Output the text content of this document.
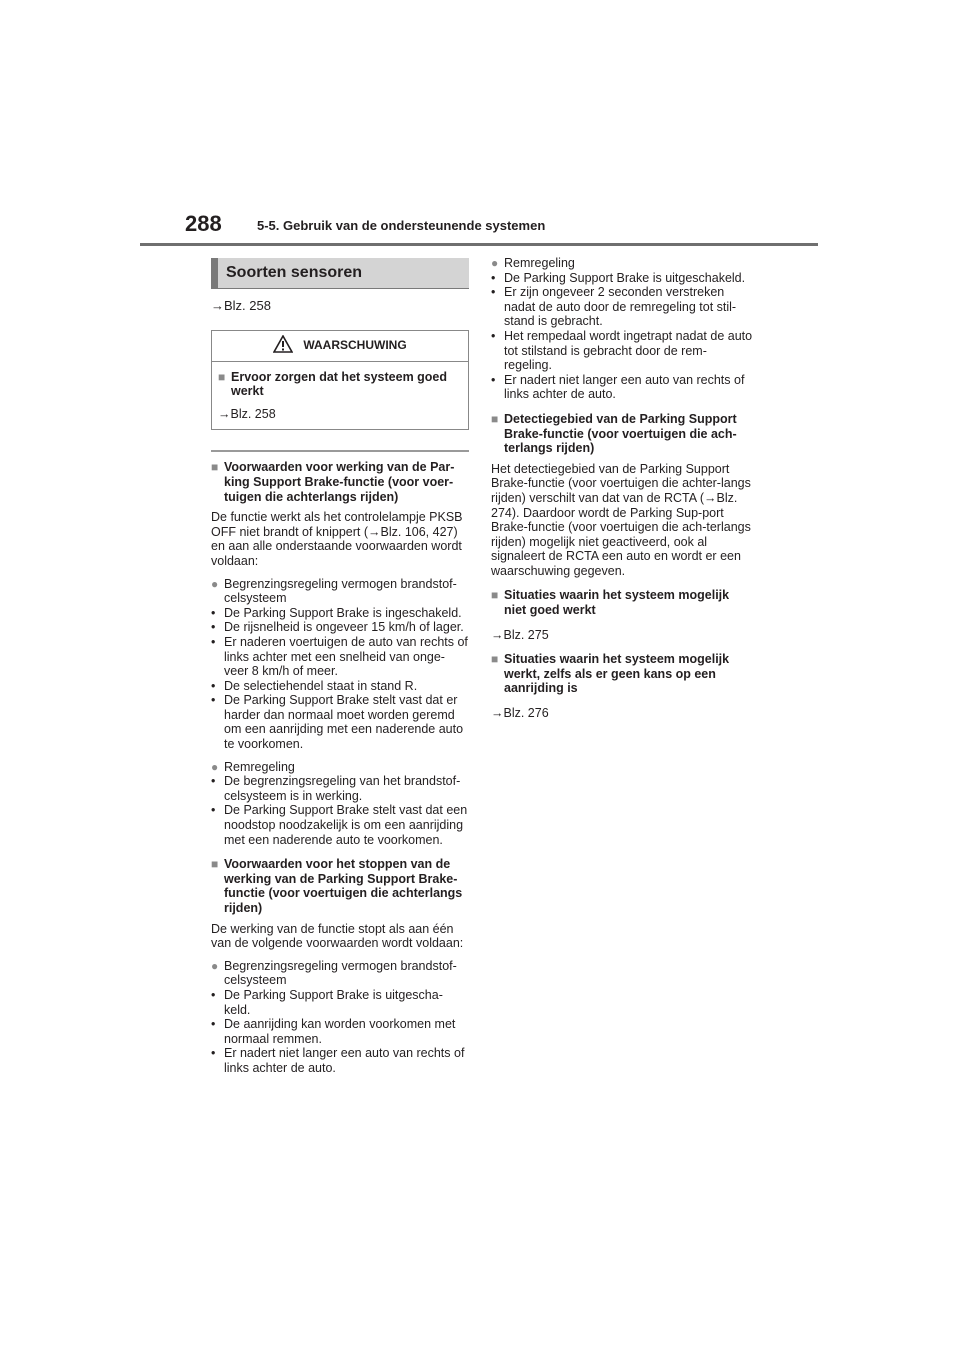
288	5-5. Gebruik van de ondersteunende systemen
Soorten sensoren
→Blz. 258
WAARSCHUWING
■ Ervoor zorgen dat het systeem goed werkt
→Blz. 258
■ Voorwaarden voor werking van de Par-king Support Brake-functie (voor voer-tuigen die achterlangs rijden)
De functie werkt als het controlelampje PKSB OFF niet brandt of knippert (→Blz. 106, 427) en aan alle onderstaande voorwaarden wordt voldaan:
● Begrenzingsregeling vermogen brandstof-celsysteem
• De Parking Support Brake is ingeschakeld.
• De rijsnelheid is ongeveer 15 km/h of lager.
• Er naderen voertuigen de auto van rechts of links achter met een snelheid van onge-veer 8 km/h of meer.
• De selectiehendel staat in stand R.
• De Parking Support Brake stelt vast dat er harder dan normaal moet worden geremd om een aanrijding met een naderende auto te voorkomen.
● Remregeling
• De begrenzingsregeling van het brandstof-celsysteem is in werking.
• De Parking Support Brake stelt vast dat een noodstop noodzakelijk is om een aanrijding met een naderende auto te voorkomen.
■ Voorwaarden voor het stoppen van de werking van de Parking Support Brake-functie (voor voertuigen die achterlangs rijden)
De werking van de functie stopt als aan één van de volgende voorwaarden wordt voldaan:
● Begrenzingsregeling vermogen brandstof-celsysteem
• De Parking Support Brake is uitgescha-keld.
• De aanrijding kan worden voorkomen met normaal remmen.
• Er nadert niet langer een auto van rechts of links achter de auto.
● Remregeling
• De Parking Support Brake is uitgeschakeld.
• Er zijn ongeveer 2 seconden verstreken nadat de auto door de remregeling tot stil-stand is gebracht.
• Het rempedaal wordt ingetrapt nadat de auto tot stilstand is gebracht door de rem-regeling.
• Er nadert niet langer een auto van rechts of links achter de auto.
■ Detectiegebied van de Parking Support Brake-functie (voor voertuigen die ach-terlangs rijden)
Het detectiegebied van de Parking Support Brake-functie (voor voertuigen die achter-langs rijden) verschilt van dat van de RCTA (→Blz. 274). Daardoor wordt de Parking Sup-port Brake-functie (voor voertuigen die ach-terlangs rijden) mogelijk niet geactiveerd, ook al signaleert de RCTA een auto en wordt er een waarschuwing gegeven.
■ Situaties waarin het systeem mogelijk niet goed werkt
→Blz. 275
■ Situaties waarin het systeem mogelijk werkt, zelfs als er geen kans op een aanrijding is
→Blz. 276
